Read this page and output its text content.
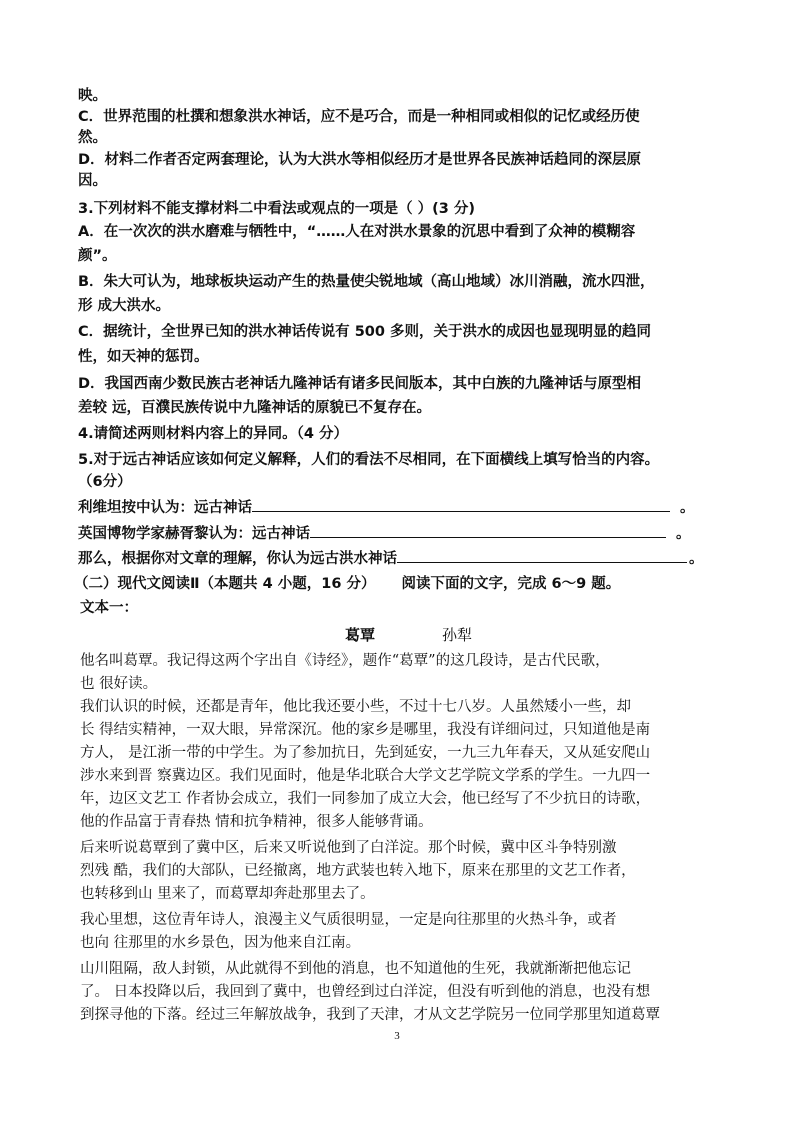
映。
C．世界范围的杜撰和想象洪水神话，应不是巧合，而是一种相同或相似的记忆或经历使
然。
D．材料二作者否定两套理论，认为大洪水等相似经历才是世界各民族神话趋同的深层原
因。
3.下列材料不能支撑材料二中看法或观点的一项是（ ）(3 分)
A．在一次次的洪水磨难与牺牲中，“……人在对洪水景象的沉思中看到了众神的模糊容
颜”。
B．朱大可认为，地球板块运动产生的热量使尖锐地域（高山地域）冰川消融，流水四泄，
形 成大洪水。
C．据统计，全世界已知的洪水神话传说有 500 多则，关于洪水的成因也显现明显的趋同
性，如天神的惩罚。
D．我国西南少数民族古老神话九隆神话有诸多民间版本，其中白族的九隆神话与原型相
差较 远，百濮民族传说中九隆神话的原貌已不复存在。
4.请简述两则材料内容上的异同。（4 分）
5.对于远古神话应该如何定义解释，人们的看法不尽相同，在下面横线上填写恰当的内容。
（6分）
利维坦按中认为：远古神话	。
英国博物学家赫胥黎认为：远古神话	。
那么，根据你对文章的理解，你认为远古洪水神话	。
（二）现代文阅读Ⅱ（本题共 4 小题，16 分） 阅读下面的文字，完成 6～9 题。
文本一：
葛覃	孙犁
他名叫葛覃。我记得这两个字出自《诗经》，题作“葛覃”的这几段诗，是古代民歌，
也 很好读。
我们认识的时候，还都是青年，他比我还要小些，不过十七八岁。人虽然矮小一些，却
长 得结实精神，一双大眼，异常深沉。他的家乡是哪里，我没有详细问过，只知道他是南
方人， 是江浙一带的中学生。为了参加抗日，先到延安，一九三九年春天，又从延安爬山
涉水来到晋 察冀边区。我们见面时，他是华北联合大学文艺学院文学系的学生。一九四一
年，边区文艺工 作者协会成立，我们一同参加了成立大会，他已经写了不少抗日的诗歌，
他的作品富于青春热 情和抗争精神，很多人能够背诵。
后来听说葛覃到了冀中区，后来又听说他到了白洋淀。那个时候，冀中区斗争特别激
烈残 酷，我们的大部队，已经撤离，地方武装也转入地下，原来在那里的文艺工作者，
也转移到山 里来了，而葛覃却奔赴那里去了。
我心里想，这位青年诗人，浪漫主义气质很明显，一定是向往那里的火热斗争，或者
也向 往那里的水乡景色，因为他来自江南。
山川阻隔，敌人封锁，从此就得不到他的消息，也不知道他的生死，我就渐渐把他忘记
了。 日本投降以后，我回到了冀中，也曾经到过白洋淀，但没有听到他的消息，也没有想
到探寻他的下落。经过三年解放战争，我到了天津，才从文艺学院另一位同学那里知道葛覃
3
